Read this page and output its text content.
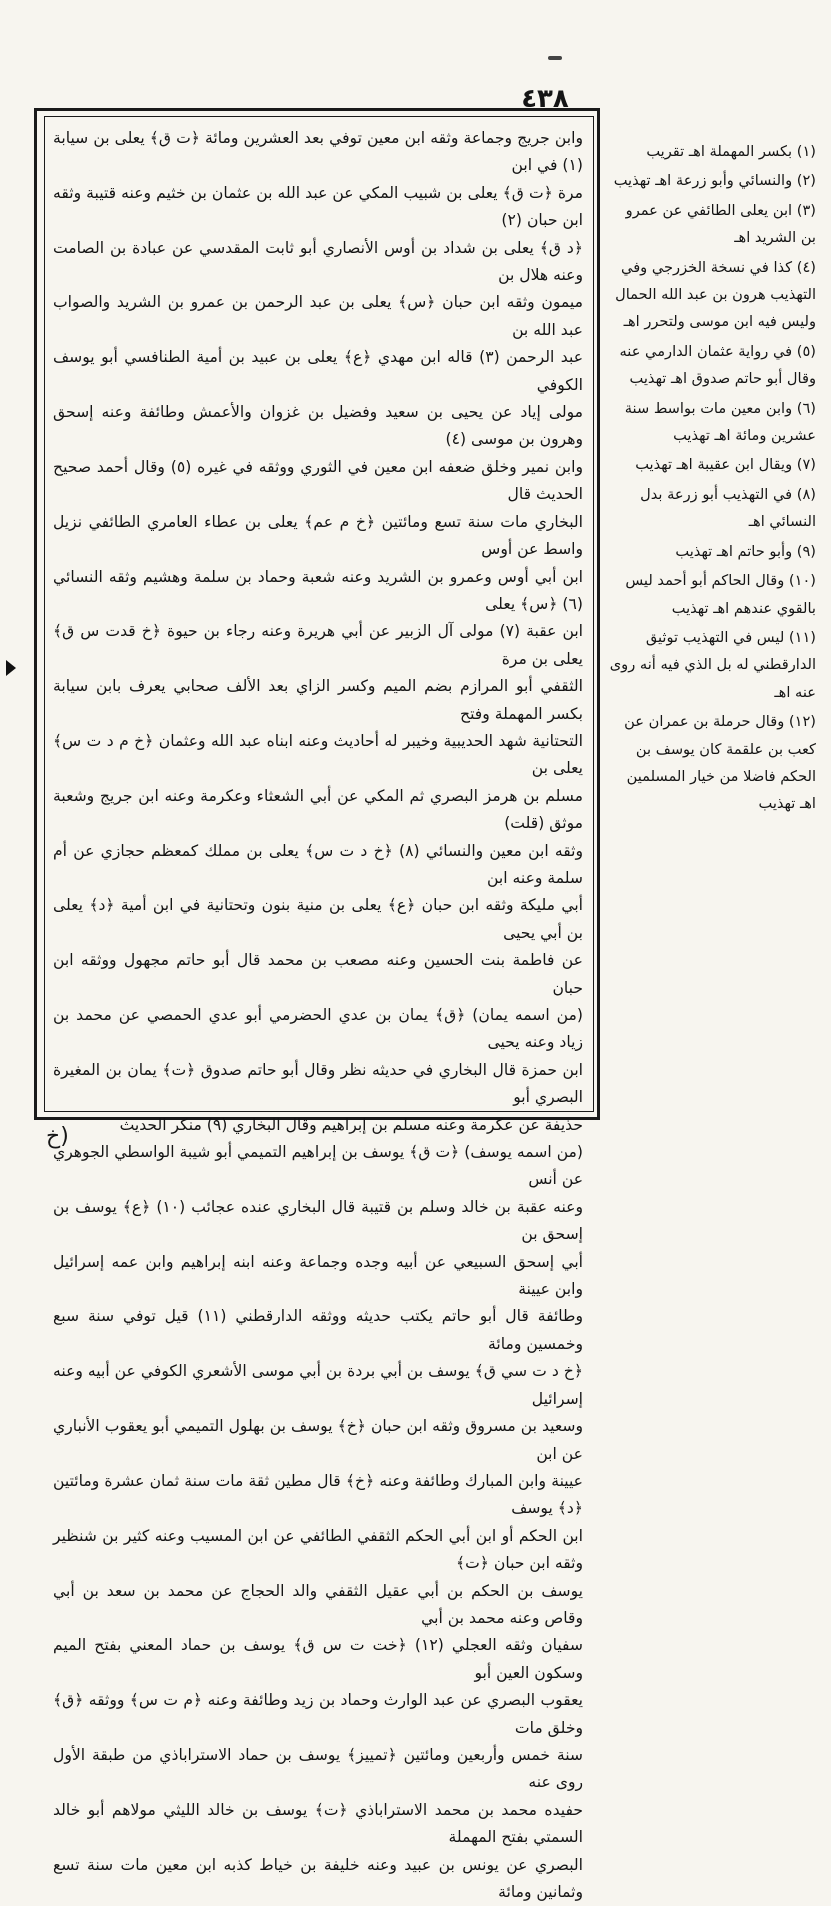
٤٣٨

وابن جريج وجماعة وثقه ابن معين توفي بعد العشرين ومائة ﴿ت ق﴾ يعلى بن سيابة (١) في ابن

مرة ﴿ت ق﴾ يعلى بن شبيب المكي عن عبد الله بن عثمان بن خثيم وعنه قتيبة وثقه ابن حبان (٢)

﴿د ق﴾ يعلى بن شداد بن أوس الأنصاري أبو ثابت المقدسي عن عبادة بن الصامت وعنه هلال بن

ميمون وثقه ابن حبان ﴿س﴾ يعلى بن عبد الرحمن بن عمرو بن الشريد والصواب عبد الله بن

عبد الرحمن (٣) قاله ابن مهدي ﴿ع﴾ يعلى بن عبيد بن أمية الطنافسي أبو يوسف الكوفي

مولى إياد عن يحيى بن سعيد وفضيل بن غزوان والأعمش وطائفة وعنه إسحق وهرون بن موسى (٤)

وابن نمير وخلق ضعفه ابن معين في الثوري ووثقه في غيره (٥) وقال أحمد صحيح الحديث قال

البخاري مات سنة تسع ومائتين ﴿خ م عم﴾ يعلى بن عطاء العامري الطائفي نزيل واسط عن أوس

ابن أبي أوس وعمرو بن الشريد وعنه شعبة وحماد بن سلمة وهشيم وثقه النسائي (٦) ﴿س﴾ يعلى

ابن عقبة (٧) مولى آل الزبير عن أبي هريرة وعنه رجاء بن حيوة ﴿خ قدت س ق﴾ يعلى بن مرة

الثقفي أبو المرازم بضم الميم وكسر الزاي بعد الألف صحابي يعرف بابن سيابة بكسر المهملة وفتح

التحتانية شهد الحديبية وخيبر له أحاديث وعنه ابناه عبد الله وعثمان ﴿خ م د ت س﴾ يعلى بن

مسلم بن هرمز البصري ثم المكي عن أبي الشعثاء وعكرمة وعنه ابن جريج وشعبة موثق (قلت)

وثقه ابن معين والنسائي (٨) ﴿خ د ت س﴾ يعلى بن مملك كمعظم حجازي عن أم سلمة وعنه ابن

أبي مليكة وثقه ابن حبان ﴿ع﴾ يعلى بن منية بنون وتحتانية في ابن أمية ﴿د﴾ يعلى بن أبي يحيى

عن فاطمة بنت الحسين وعنه مصعب بن محمد قال أبو حاتم مجهول ووثقه ابن حبان

(من اسمه يمان) ﴿ق﴾ يمان بن عدي الحضرمي أبو عدي الحمصي عن محمد بن زياد وعنه يحيى

ابن حمزة قال البخاري في حديثه نظر وقال أبو حاتم صدوق ﴿ت﴾ يمان بن المغيرة البصري أبو

حذيفة عن عكرمة وعنه مسلم بن إبراهيم وقال البخاري (٩) منكر الحديث

(من اسمه يوسف) ﴿ت ق﴾ يوسف بن إبراهيم التميمي أبو شيبة الواسطي الجوهري عن أنس

وعنه عقبة بن خالد وسلم بن قتيبة قال البخاري عنده عجائب (١٠) ﴿ع﴾ يوسف بن إسحق بن

أبي إسحق السبيعي عن أبيه وجده وجماعة وعنه ابنه إبراهيم وابن عمه إسرائيل وابن عيينة

وطائفة قال أبو حاتم يكتب حديثه ووثقه الدارقطني (١١) قيل توفي سنة سبع وخمسين ومائة

﴿خ د ت سي ق﴾ يوسف بن أبي بردة بن أبي موسى الأشعري الكوفي عن أبيه وعنه إسرائيل

وسعيد بن مسروق وثقه ابن حبان ﴿خ﴾ يوسف بن بهلول التميمي أبو يعقوب الأنباري عن ابن

عيينة وابن المبارك وطائفة وعنه ﴿خ﴾ قال مطين ثقة مات سنة ثمان عشرة ومائتين ﴿د﴾ يوسف

ابن الحكم أو ابن أبي الحكم الثقفي الطائفي عن ابن المسيب وعنه كثير بن شنظير وثقه ابن حبان ﴿ت﴾

يوسف بن الحكم بن أبي عقيل الثقفي والد الحجاج عن محمد بن سعد بن أبي وقاص وعنه محمد بن أبي

سفيان وثقه العجلي (١٢) ﴿خت ت س ق﴾ يوسف بن حماد المعني بفتح الميم وسكون العين أبو

يعقوب البصري عن عبد الوارث وحماد بن زيد وطائفة وعنه ﴿م ت س﴾ ووثقه ﴿ق﴾ وخلق مات

سنة خمس وأربعين ومائتين ﴿تمييز﴾ يوسف بن حماد الاستراباذي من طبقة الأول روى عنه

حفيده محمد بن محمد الاستراباذي ﴿ت﴾ يوسف بن خالد الليثي مولاهم أبو خالد السمتي بفتح المهملة

البصري عن يونس بن عبيد وعنه خليفة بن خياط كذبه ابن معين مات سنة تسع وثمانين ومائة

(١) بكسر المهملة اهـ تقريب

(٢) والنسائي وأبو زرعة اهـ تهذيب

(٣) ابن يعلى الطائفي عن عمرو بن الشريد اهـ

(٤) كذا في نسخة الخزرجي وفي التهذيب هرون بن عبد الله الحمال وليس فيه ابن موسى ولتحرر اهـ

(٥) في رواية عثمان الدارمي عنه وقال أبو حاتم صدوق اهـ تهذيب

(٦) وابن معين مات بواسط سنة عشرين ومائة اهـ تهذيب

(٧) ويقال ابن عقيبة اهـ تهذيب

(٨) في التهذيب أبو زرعة بدل النسائي اهـ

(٩) وأبو حاتم اهـ تهذيب

(١٠) وقال الحاكم أبو أحمد ليس بالقوي عندهم اهـ تهذيب

(١١) ليس في التهذيب توثيق الدارقطني له بل الذي فيه أنه روى عنه اهـ

(١٢) وقال حرملة بن عمران عن كعب بن علقمة كان يوسف بن الحكم فاضلا من خيار المسلمين اهـ تهذيب

(خ
